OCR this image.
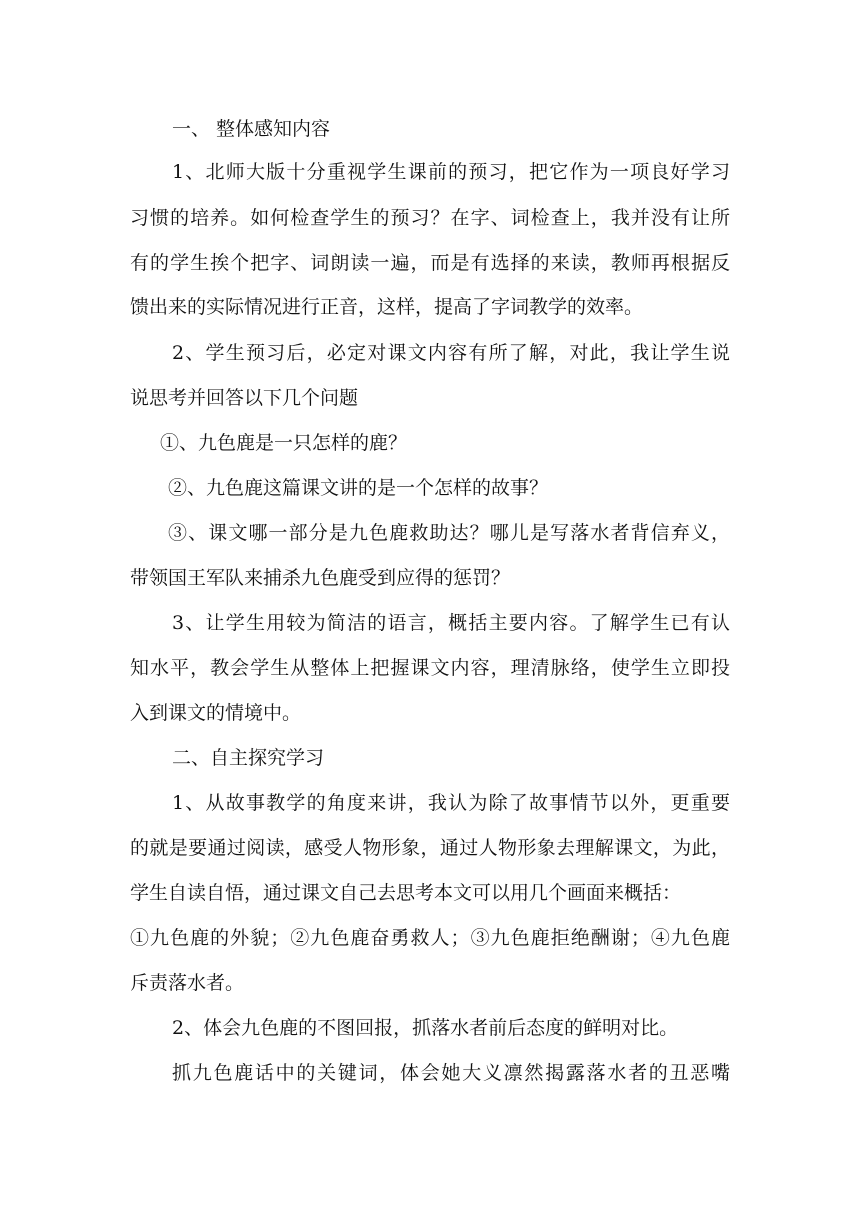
一、 整体感知内容
1、北师大版十分重视学生课前的预习，把它作为一项良好学习
习惯的培养。如何检查学生的预习？在字、词检查上，我并没有让所
有的学生挨个把字、词朗读一遍，而是有选择的来读，教师再根据反
馈出来的实际情况进行正音，这样，提高了字词教学的效率。
2、学生预习后，必定对课文内容有所了解，对此，我让学生说
说思考并回答以下几个问题
①、九色鹿是一只怎样的鹿？
②、九色鹿这篇课文讲的是一个怎样的故事？
③、课文哪一部分是九色鹿救助达？哪儿是写落水者背信弃义，
带领国王军队来捕杀九色鹿受到应得的惩罚？
3、让学生用较为简洁的语言，概括主要内容。了解学生已有认
知水平，教会学生从整体上把握课文内容，理清脉络，使学生立即投
入到课文的情境中。
二、自主探究学习
1、从故事教学的角度来讲，我认为除了故事情节以外，更重要
的就是要通过阅读，感受人物形象，通过人物形象去理解课文，为此，
学生自读自悟，通过课文自己去思考本文可以用几个画面来概括：
①九色鹿的外貌；②九色鹿奋勇救人；③九色鹿拒绝酬谢；④九色鹿
斥责落水者。
2、体会九色鹿的不图回报，抓落水者前后态度的鲜明对比。
抓九色鹿话中的关键词，体会她大义凛然揭露落水者的丑恶嘴
